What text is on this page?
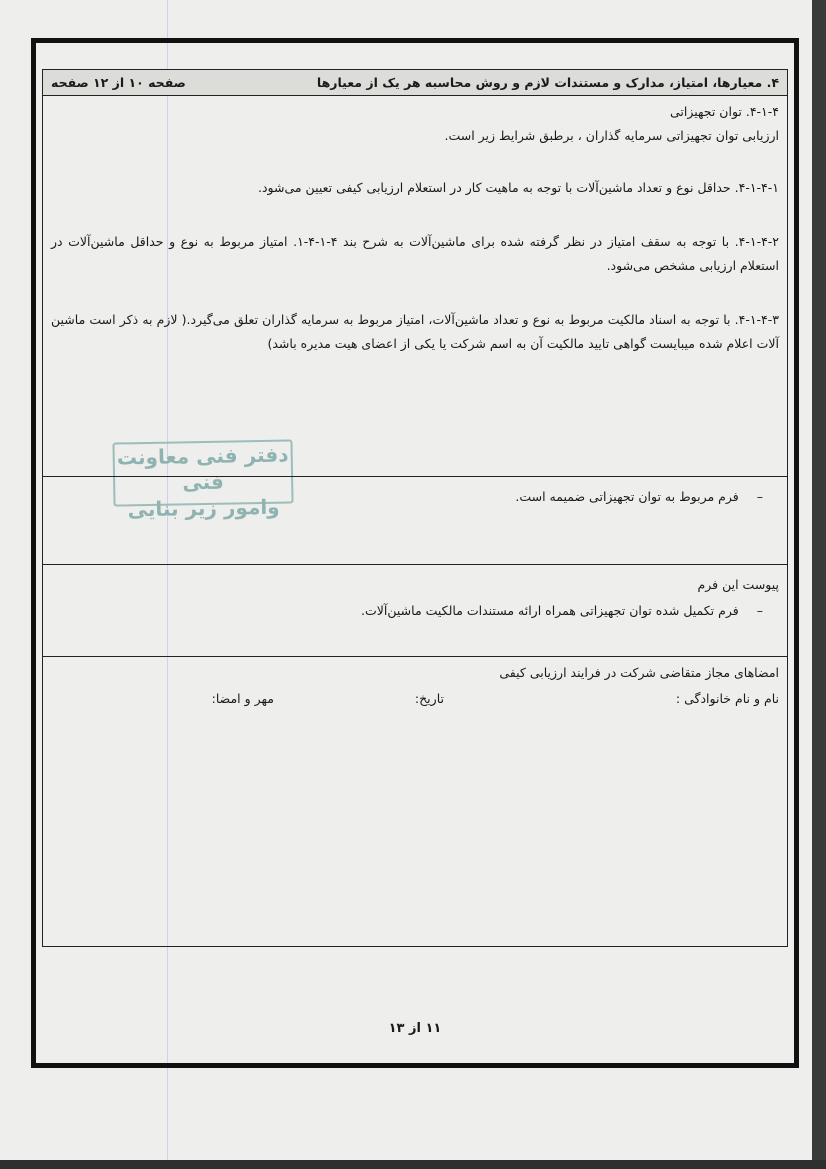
۴. معیارها، امتیاز، مدارک و مستندات لازم و روش محاسبه هر یک از معیارها
صفحه ۱۰ از ۱۲ صفحه
۴-۱-۴. توان تجهیزاتی
ارزیابی توان تجهیزاتی سرمایه گذاران ، برطبق شرایط زیر است.
۴-۱-۴-۱. حداقل نوع و تعداد ماشین‌آلات با توجه به ماهیت کار در استعلام ارزیابی کیفی تعیین می‌شود.
۴-۱-۴-۲. با توجه به سقف امتیاز در نظر گرفته شده برای ماشین‌آلات به شرح بند ۴-۱-۴-۱. امتیاز مربوط به نوع و حداقل ماشین‌آلات در استعلام ارزیابی مشخص می‌شود.
۴-۱-۴-۳. با توجه به اسناد مالکیت مربوط به نوع و تعداد ماشین‌آلات، امتیاز مربوط به سرمایه گذاران تعلق می‌گیرد.( لازم به ذکر است ماشین آلات اعلام شده میبایست گواهی تایید مالکیت آن به اسم شرکت یا یکی از اعضای هیت مدیره باشد)
دفتر فنی معاونت فنی
وامور زیر بنایی	– فرم مربوط به توان تجهیزاتی ضمیمه است.
پیوست این فرم
– فرم تکمیل شده توان تجهیزاتی همراه ارائه مستندات مالکیت ماشین‌آلات.
امضاهای مجاز متقاضی شرکت در فرایند ارزیابی کیفی
نام و نام خانوادگی :
تاریخ:
مهر و امضا:
۱۱ از ۱۳
